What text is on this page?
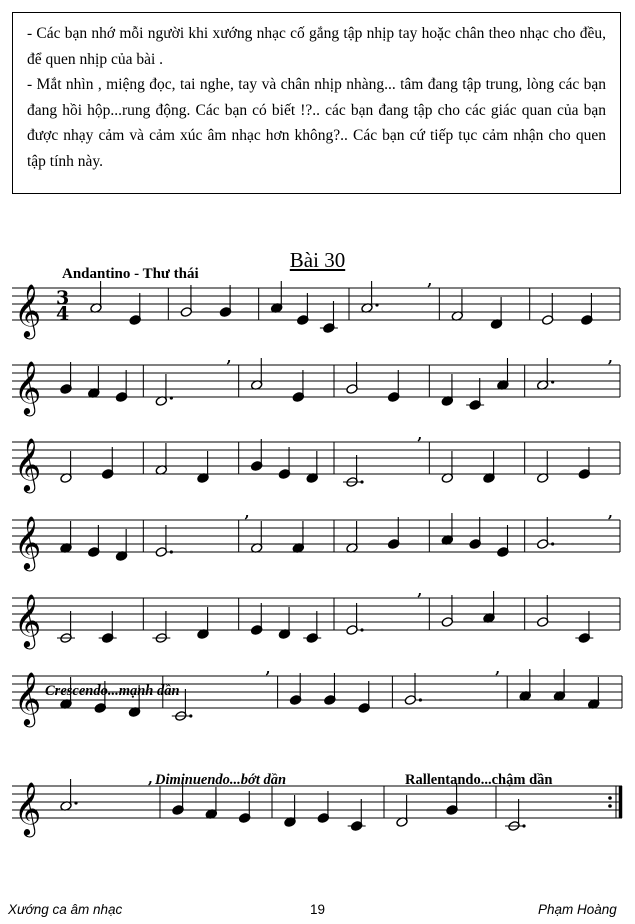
- Các bạn nhớ mỗi người khi xướng nhạc cố gắng tập nhịp tay hoặc chân theo nhạc cho đều, để quen nhịp của bài .

- Mắt nhìn , miệng đọc, tai nghe, tay và chân nhịp nhàng... tâm đang tập trung, lòng các bạn đang hồi hộp...rung động. Các bạn có biết !?.. các bạn đang tập cho các giác quan của bạn được nhạy cảm và cảm xúc âm nhạc hơn không?.. Các bạn cứ tiếp tục cảm nhận cho quen tập tính này.

Bài 30
Andantino - Thư thái
Crescendo...mạnh dần
Diminuendo...bớt dần	Rallentando...chậm dần
𝄞 3
4
,
𝄞
,	,
𝄞
,
𝄞
,	,
𝄞
,
𝄞
,	,
𝄞
,
Xướng ca âm nhạc	19	Phạm Hoàng
